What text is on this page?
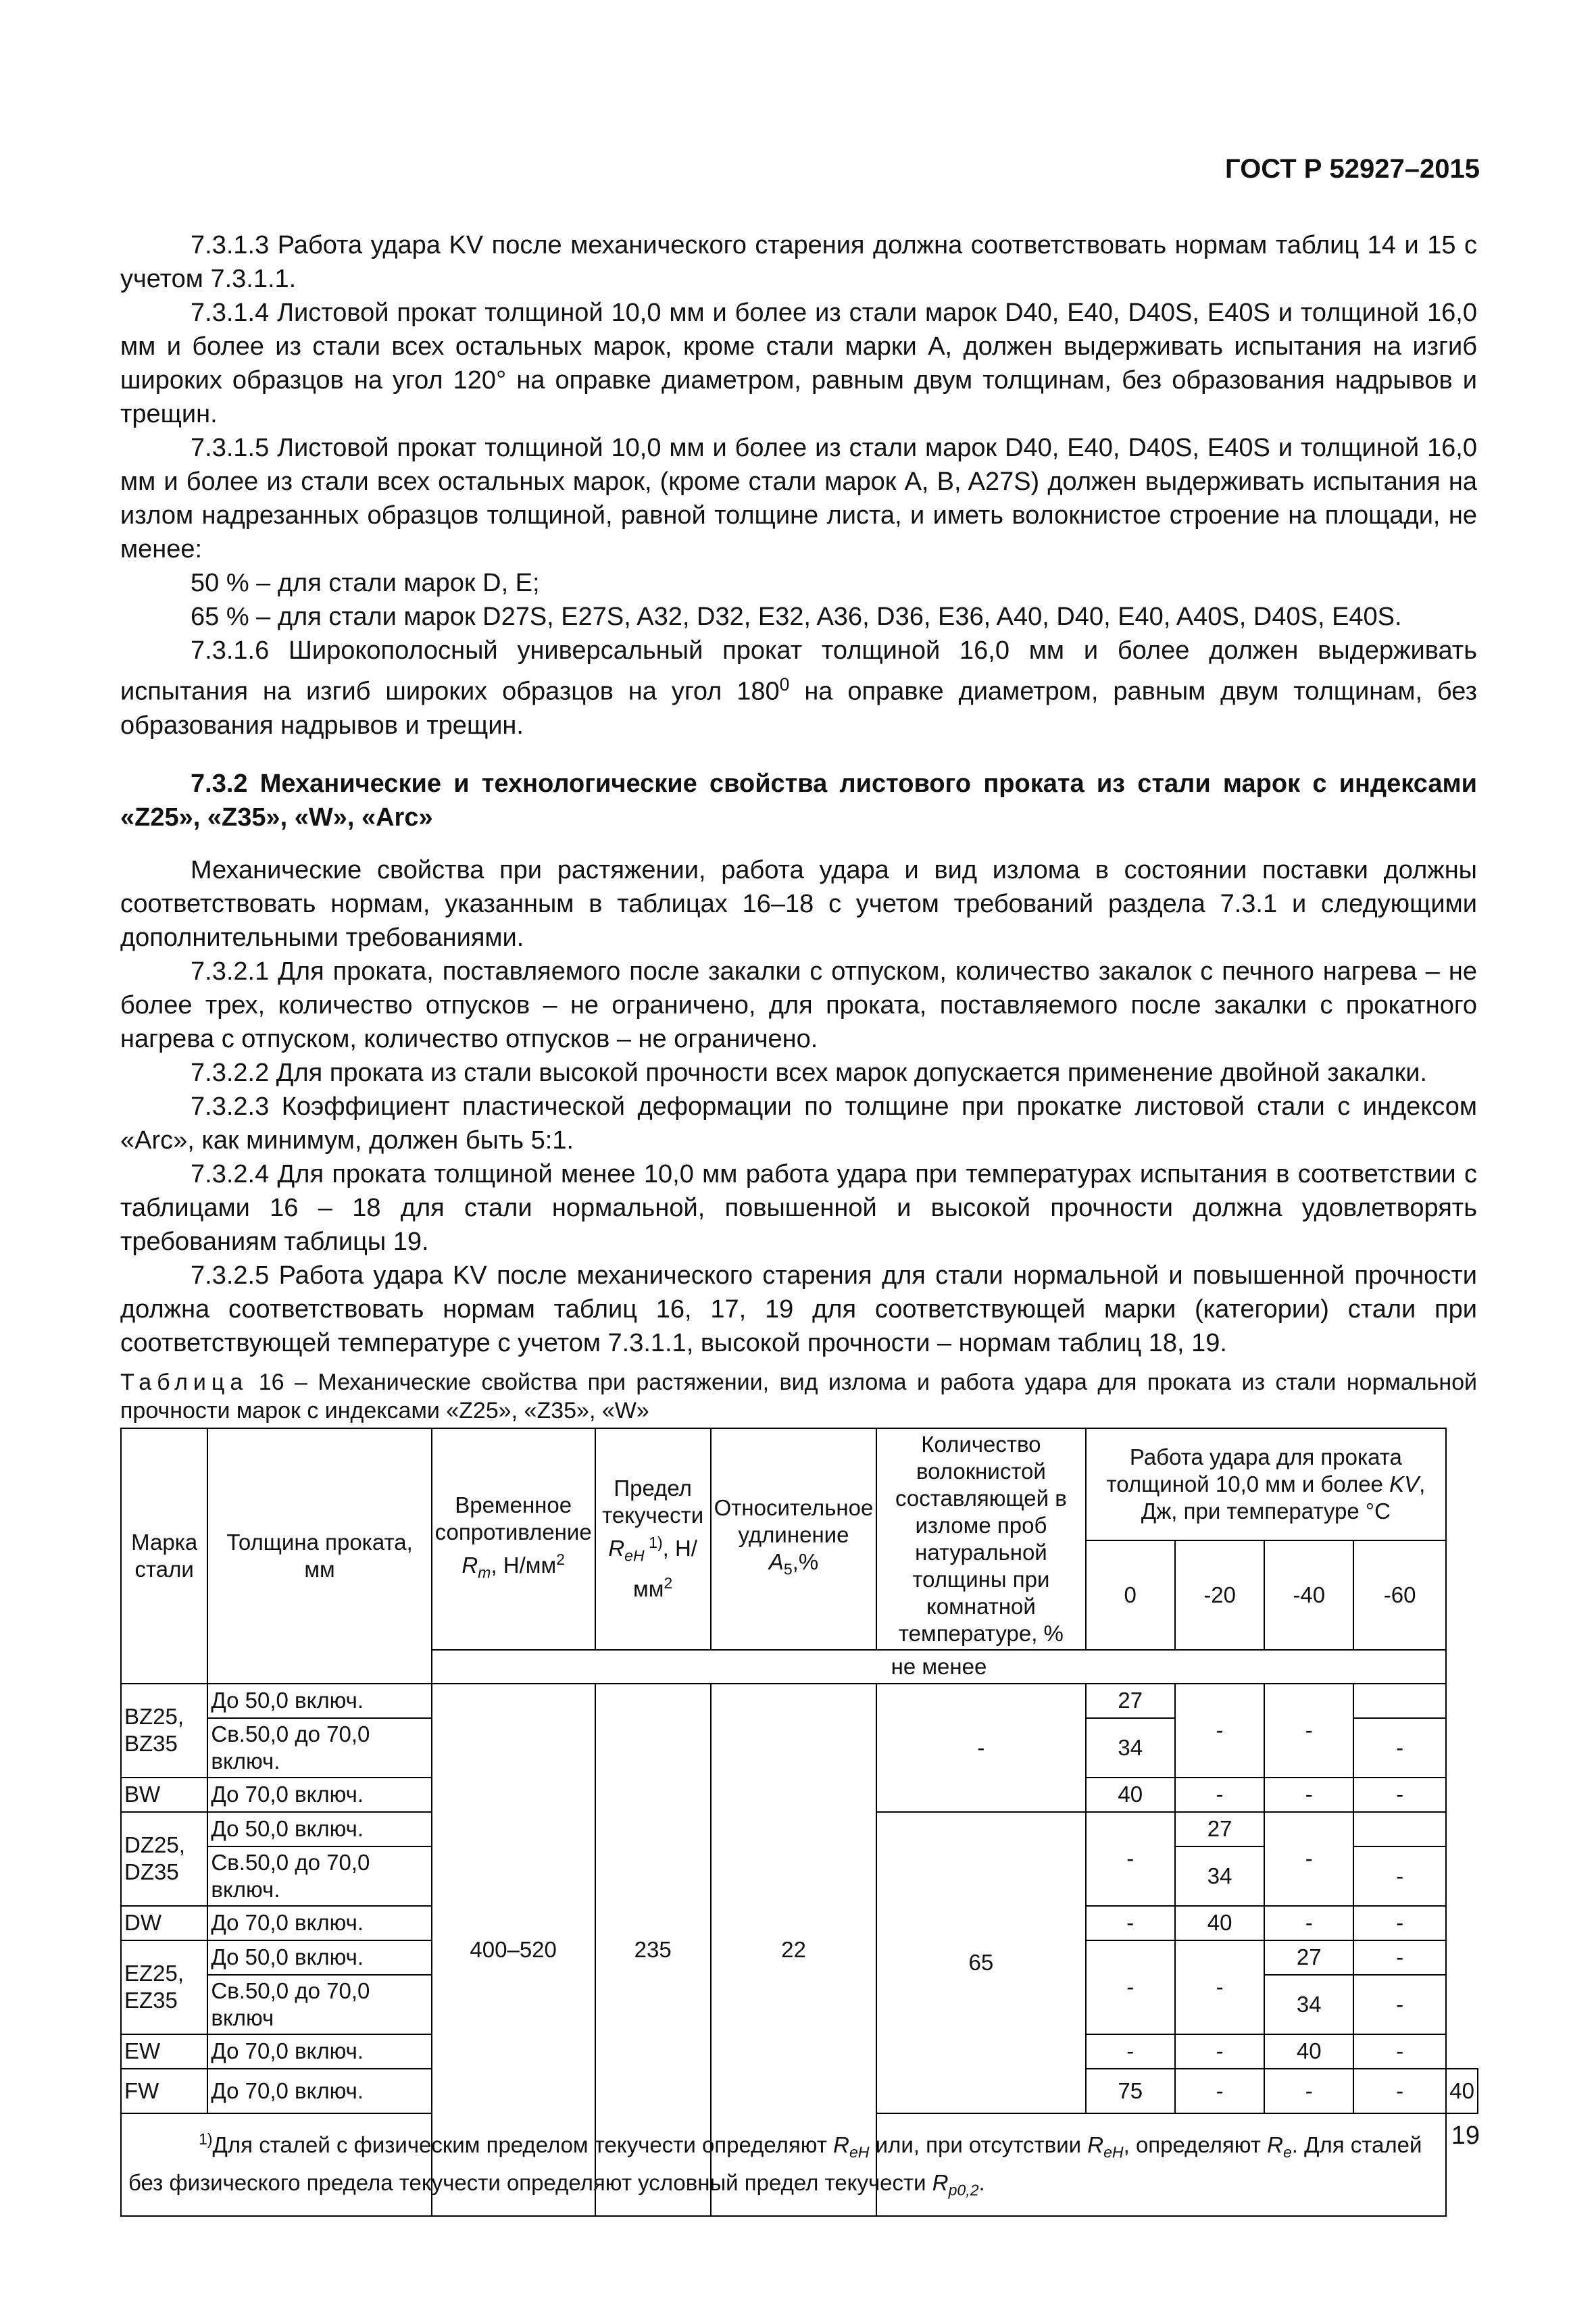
ГОСТ Р 52927–2015

7.3.1.3 Работа удара KV после механического старения должна соответствовать нормам таблиц 14 и 15 с учетом 7.3.1.1.

7.3.1.4 Листовой прокат толщиной 10,0 мм и более из стали марок D40, E40, D40S, E40S и толщиной 16,0 мм и более из стали всех остальных марок, кроме стали марки А, должен выдерживать испытания на изгиб широких образцов на угол 120° на оправке диаметром, равным двум толщинам, без образования надрывов и трещин.

7.3.1.5 Листовой прокат толщиной 10,0 мм и более из стали марок D40, E40, D40S, E40S и толщиной 16,0 мм и более из стали всех остальных марок, (кроме стали марок A, B, A27S) должен выдерживать испытания на излом надрезанных образцов толщиной, равной толщине листа, и иметь волокнистое строение на площади, не менее:

50 % – для стали марок D, E;

65 % – для стали марок D27S, E27S, A32, D32, E32, A36, D36, E36, A40, D40, E40, A40S, D40S, E40S.

7.3.1.6 Широкополосный универсальный прокат толщиной 16,0 мм и более должен выдерживать испытания на изгиб широких образцов на угол $180^0$ на оправке диаметром, равным двум толщинам, без образования надрывов и трещин.

7.3.2 Механические и технологические свойства листового проката из стали марок с индексами «Z25», «Z35», «W», «Arc»

Механические свойства при растяжении, работа удара и вид излома в состоянии поставки должны соответствовать нормам, указанным в таблицах 16–18 с учетом требований раздела 7.3.1 и следующими дополнительными требованиями.

7.3.2.1 Для проката, поставляемого после закалки с отпуском, количество закалок с печного нагрева – не более трех, количество отпусков – не ограничено, для проката, поставляемого после закалки с прокатного нагрева с отпуском, количество отпусков – не ограничено.

7.3.2.2 Для проката из стали высокой прочности всех марок допускается применение двойной закалки.

7.3.2.3 Коэффициент пластической деформации по толщине при прокатке листовой стали с индексом «Arc», как минимум, должен быть 5:1.

7.3.2.4 Для проката толщиной менее 10,0 мм работа удара при температурах испытания в соответствии с таблицами 16 – 18 для стали нормальной, повышенной и высокой прочности должна удовлетворять требованиям таблицы 19.

7.3.2.5 Работа удара KV после механического старения для стали нормальной и повышенной прочности должна соответствовать нормам таблиц 16, 17, 19 для соответствующей марки (категории) стали при соответствующей температуре с учетом 7.3.1.1, высокой прочности – нормам таблиц 18, 19.

Таблица 16 – Механические свойства при растяжении, вид излома и работа удара для проката из стали нормальной прочности марок с индексами «Z25», «Z35», «W»

Марка стали	Толщина проката, мм	Временное сопротивление $R_m$, $Н/мм^2$	Предел текучести $R_{eH}$ $^{1)}$, $Н/мм^2$	Относительное удлинение $A_5,\%$	Количество волокнистой составляющей в изломе проб натуральной толщины при комнатной температуре, %	Работа удара для проката толщиной 10,0 мм и более KV, Дж, при температуре °C				
						0	-20	-40	-60	
		не менее								
BZ25, BZ35	До 50,0 включ.	400–520	235	22	-	27	-	-		
	Св.50,0 до 70,0 включ.					34			-	
BW	До 70,0 включ.					40	-	-	-	
DZ25, DZ35	До 50,0 включ.				65	-	27	-		
	Св.50,0 до 70,0 включ.						34		-	
DW	До 70,0 включ.					-	40	-	-	
EZ25, EZ35	До 50,0 включ.					-	-	27	-	
	Св.50,0 до 70,0 включ							34	-	
EW	До 70,0 включ.					-	-	40	-	
FW	До 70,0 включ.					75	-	-	-	40
$^{1)}$Для сталей с физическим пределом текучести определяют $R_{eH}$ или, при отсутствии $R_{eH}$, определяют $R_e$. Для сталей без физического предела текучести определяют условный предел текучести $R_{p0,2}$.										
19
